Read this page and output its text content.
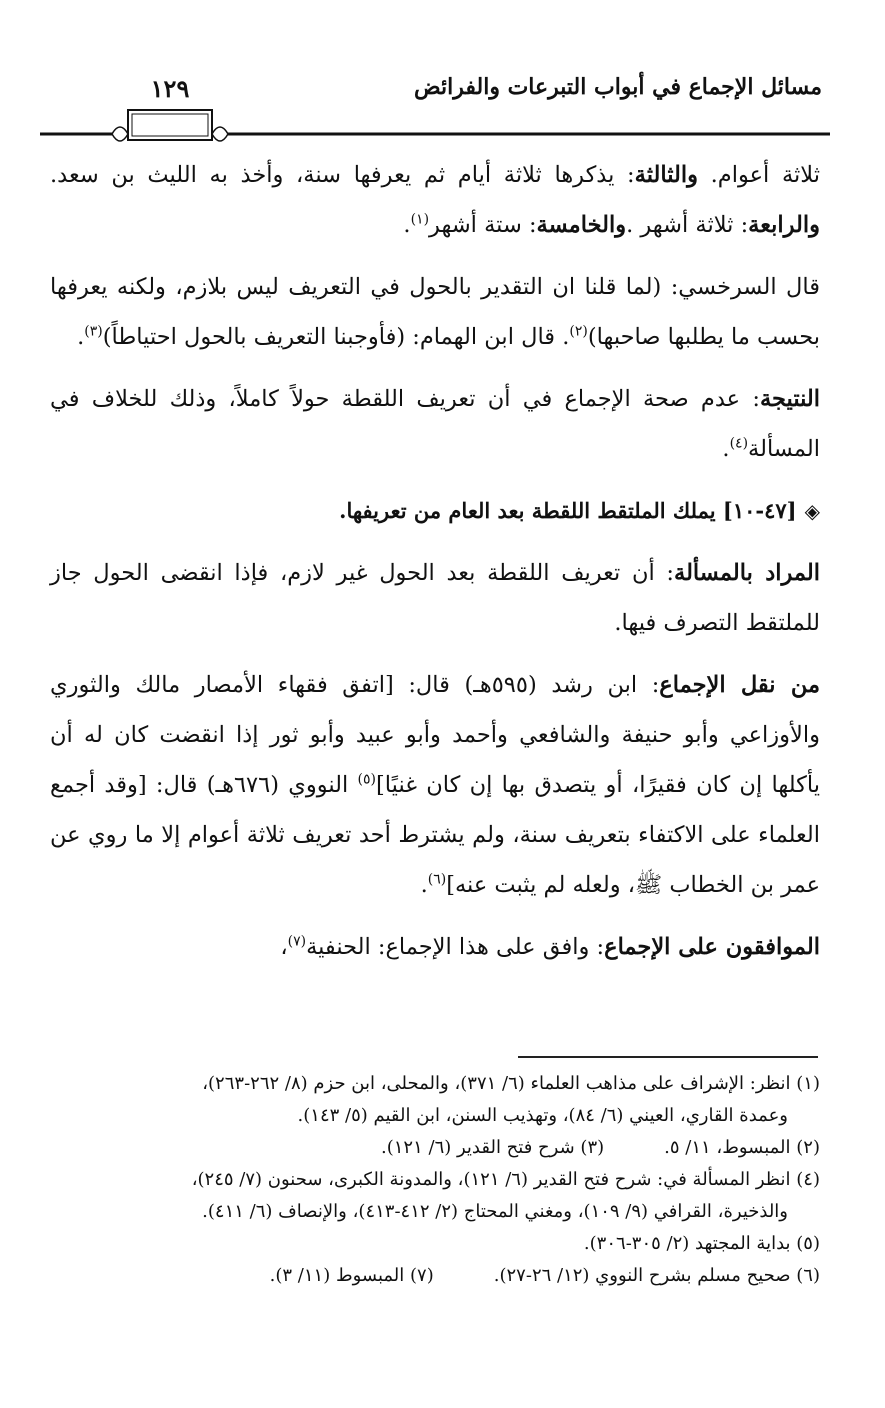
مسائل الإجماع في أبواب التبرعات والفرائض
١٢٩

ثلاثة أعوام. والثالثة: يذكرها ثلاثة أيام ثم يعرفها سنة، وأخذ به الليث بن سعد. والرابعة: ثلاثة أشهر .والخامسة: ستة أشهر$^{(١)}$.

قال السرخسي: (لما قلنا ان التقدير بالحول في التعريف ليس بلازم، ولكنه يعرفها بحسب ما يطلبها صاحبها)$^{(٢)}$. قال ابن الهمام: (فأوجبنا التعريف بالحول احتياطاً)$^{(٣)}$.

النتيجة: عدم صحة الإجماع في أن تعريف اللقطة حولاً كاملاً، وذلك للخلاف في المسألة$^{(٤)}$.

◈[٤٧-١٠] يملك الملتقط اللقطة بعد العام من تعريفها.

المراد بالمسألة: أن تعريف اللقطة بعد الحول غير لازم، فإذا انقضى الحول جاز للملتقط التصرف فيها.

من نقل الإجماع: ابن رشد (٥٩٥هـ) قال: [اتفق فقهاء الأمصار مالك والثوري والأوزاعي وأبو حنيفة والشافعي وأحمد وأبو عبيد وأبو ثور إذا انقضت كان له أن يأكلها إن كان فقيرًا، أو يتصدق بها إن كان غنيًا]$^{(٥)}$ النووي (٦٧٦هـ) قال: [وقد أجمع العلماء على الاكتفاء بتعريف سنة، ولم يشترط أحد تعريف ثلاثة أعوام إلا ما روي عن عمر بن الخطاب ﷺ، ولعله لم يثبت عنه]$^{(٦)}$.

الموافقون على الإجماع: وافق على هذا الإجماع: الحنفية$^{(٧)}$،

(١) انظر: الإشراف على مذاهب العلماء (٦/ ٣٧١)، والمحلى، ابن حزم (٨/ ٢٦٢-٢٦٣)،
وعمدة القاري، العيني (٦/ ٨٤)، وتهذيب السنن، ابن القيم (٥/ ١٤٣).

(٢) المبسوط، ١١/ ٥.
(٣) شرح فتح القدير (٦/ ١٢١).

(٤) انظر المسألة في: شرح فتح القدير (٦/ ١٢١)، والمدونة الكبرى، سحنون (٧/ ٢٤٥)،
والذخيرة، القرافي (٩/ ١٠٩)، ومغني المحتاج (٢/ ٤١٢-٤١٣)، والإنصاف (٦/ ٤١١).

(٥) بداية المجتهد (٢/ ٣٠٥-٣٠٦).

(٦) صحيح مسلم بشرح النووي (١٢/ ٢٦-٢٧).
(٧) المبسوط (١١/ ٣).
